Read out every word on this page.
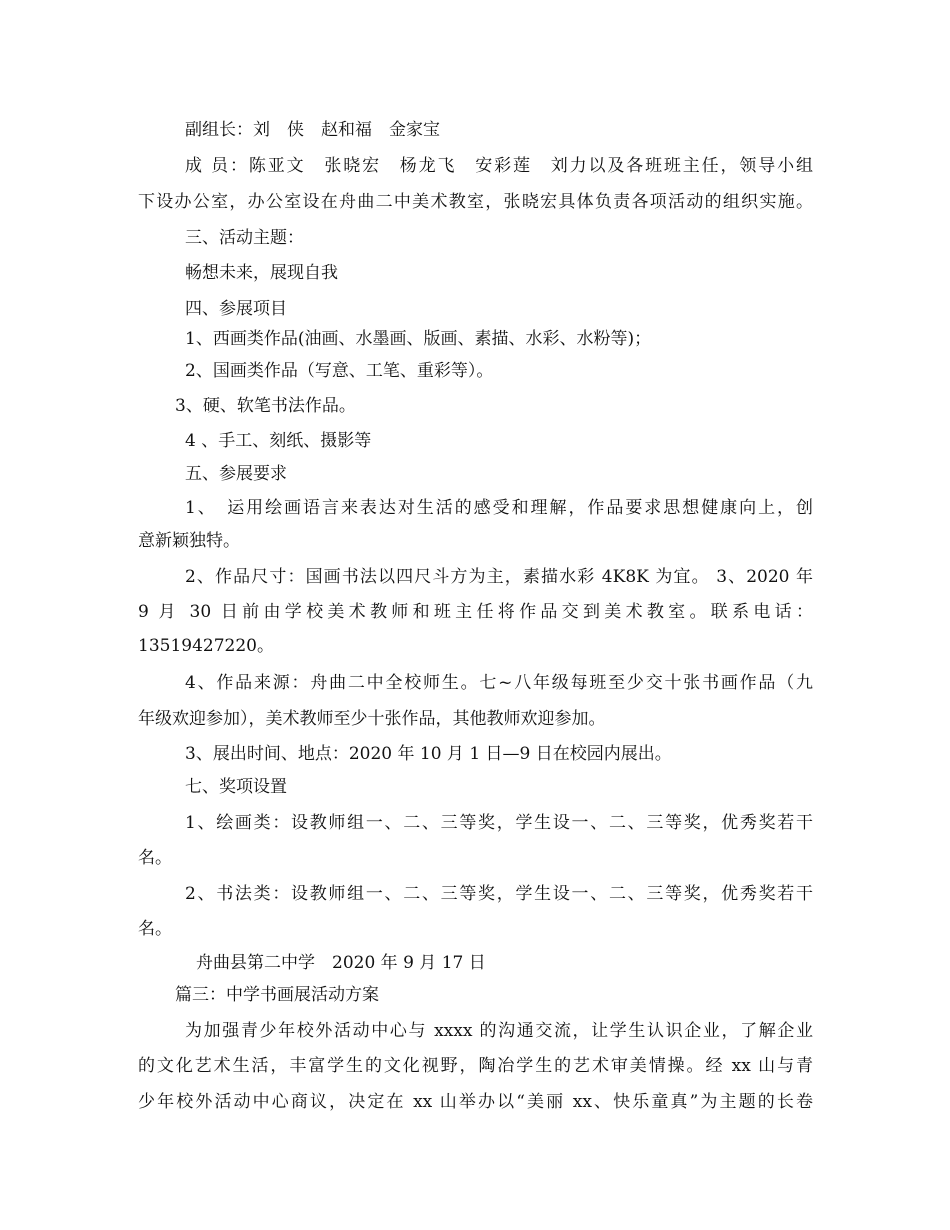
副组长：刘　侠　赵和福　金家宝
成 员：陈亚文　张晓宏　杨龙飞　安彩莲　刘力以及各班班主任，领导小组
下设办公室，办公室设在舟曲二中美术教室，张晓宏具体负责各项活动的组织实施。
三、活动主题：
畅想未来，展现自我
四、参展项目
1、西画类作品(油画、水墨画、版画、素描、水彩、水粉等)；
2、国画类作品（写意、工笔、重彩等）。
3、硬、软笔书法作品。
4 、手工、刻纸、摄影等
五、参展要求
1、　运用绘画语言来表达对生活的感受和理解，作品要求思想健康向上，创
意新颖独特。
2、作品尺寸：国画书法以四尺斗方为主，素描水彩 4K8K 为宜。 3、2020 年
9 月 30 日前由学校美术教师和班主任将作品交到美术教室。联系电话：
13519427220。
4、作品来源：舟曲二中全校师生。七~八年级每班至少交十张书画作品（九
年级欢迎参加），美术教师至少十张作品，其他教师欢迎参加。
3、展出时间、地点：2020 年 10 月 1 日—9 日在校园内展出。
七、奖项设置
1、绘画类：设教师组一、二、三等奖，学生设一、二、三等奖，优秀奖若干
名。
2、书法类：设教师组一、二、三等奖，学生设一、二、三等奖，优秀奖若干
名。
舟曲县第二中学　2020 年 9 月 17 日
篇三：中学书画展活动方案
为加强青少年校外活动中心与 xxxx 的沟通交流，让学生认识企业，了解企业
的文化艺术生活，丰富学生的文化视野，陶冶学生的艺术审美情操。经 xx 山与青
少年校外活动中心商议，决定在 xx 山举办以“美丽 xx、快乐童真”为主题的长卷
